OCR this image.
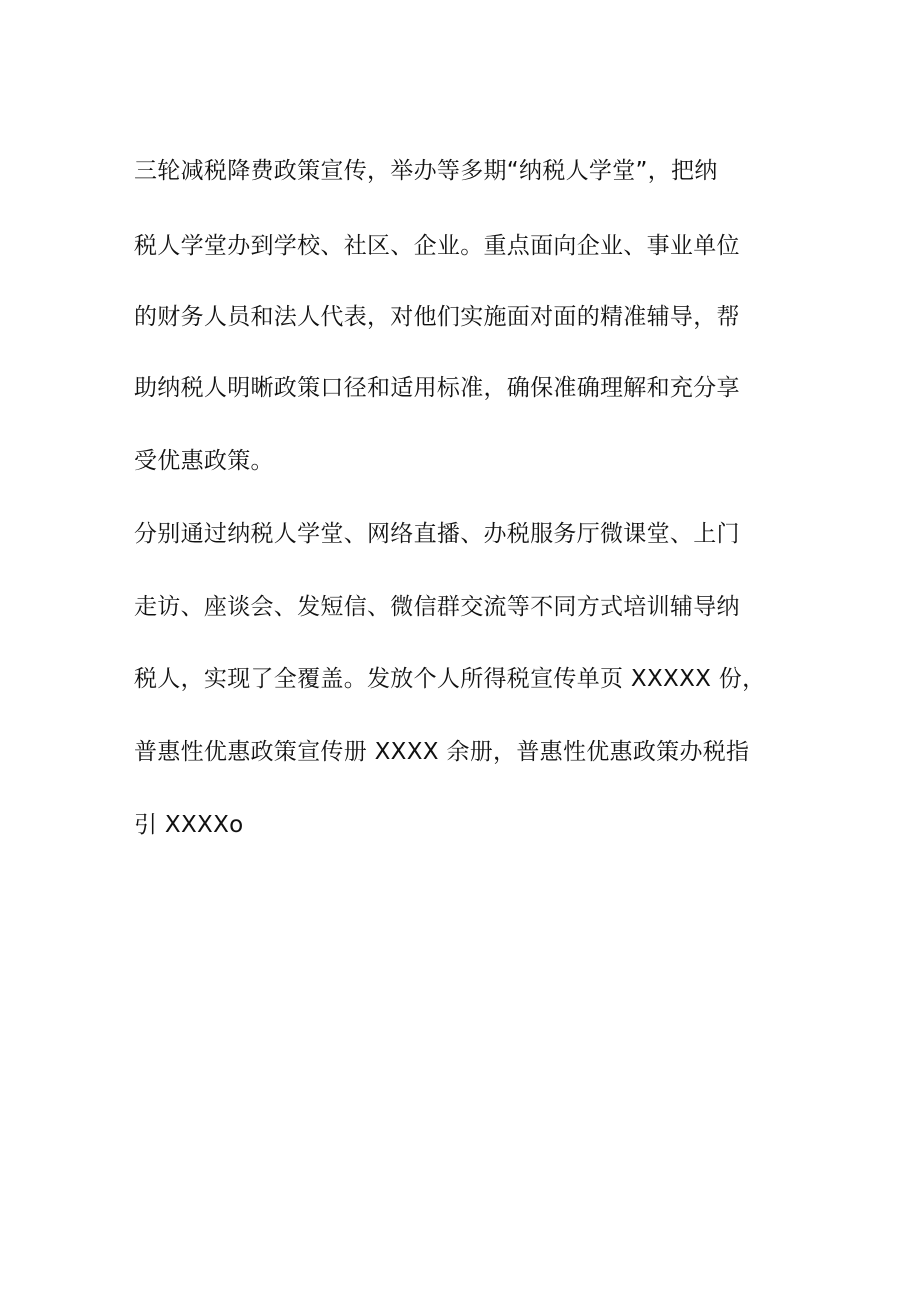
三轮减税降费政策宣传，举办等多期“纳税人学堂”，把纳
税人学堂办到学校、社区、企业。重点面向企业、事业单位
的财务人员和法人代表，对他们实施面对面的精准辅导，帮
助纳税人明晰政策口径和适用标准，确保准确理解和充分享
受优惠政策。
分别通过纳税人学堂、网络直播、办税服务厅微课堂、上门
走访、座谈会、发短信、微信群交流等不同方式培训辅导纳
税人，实现了全覆盖。发放个人所得税宣传单页 XXXXX 份，
普惠性优惠政策宣传册 XXXX 余册，普惠性优惠政策办税指
引 XXXXo
